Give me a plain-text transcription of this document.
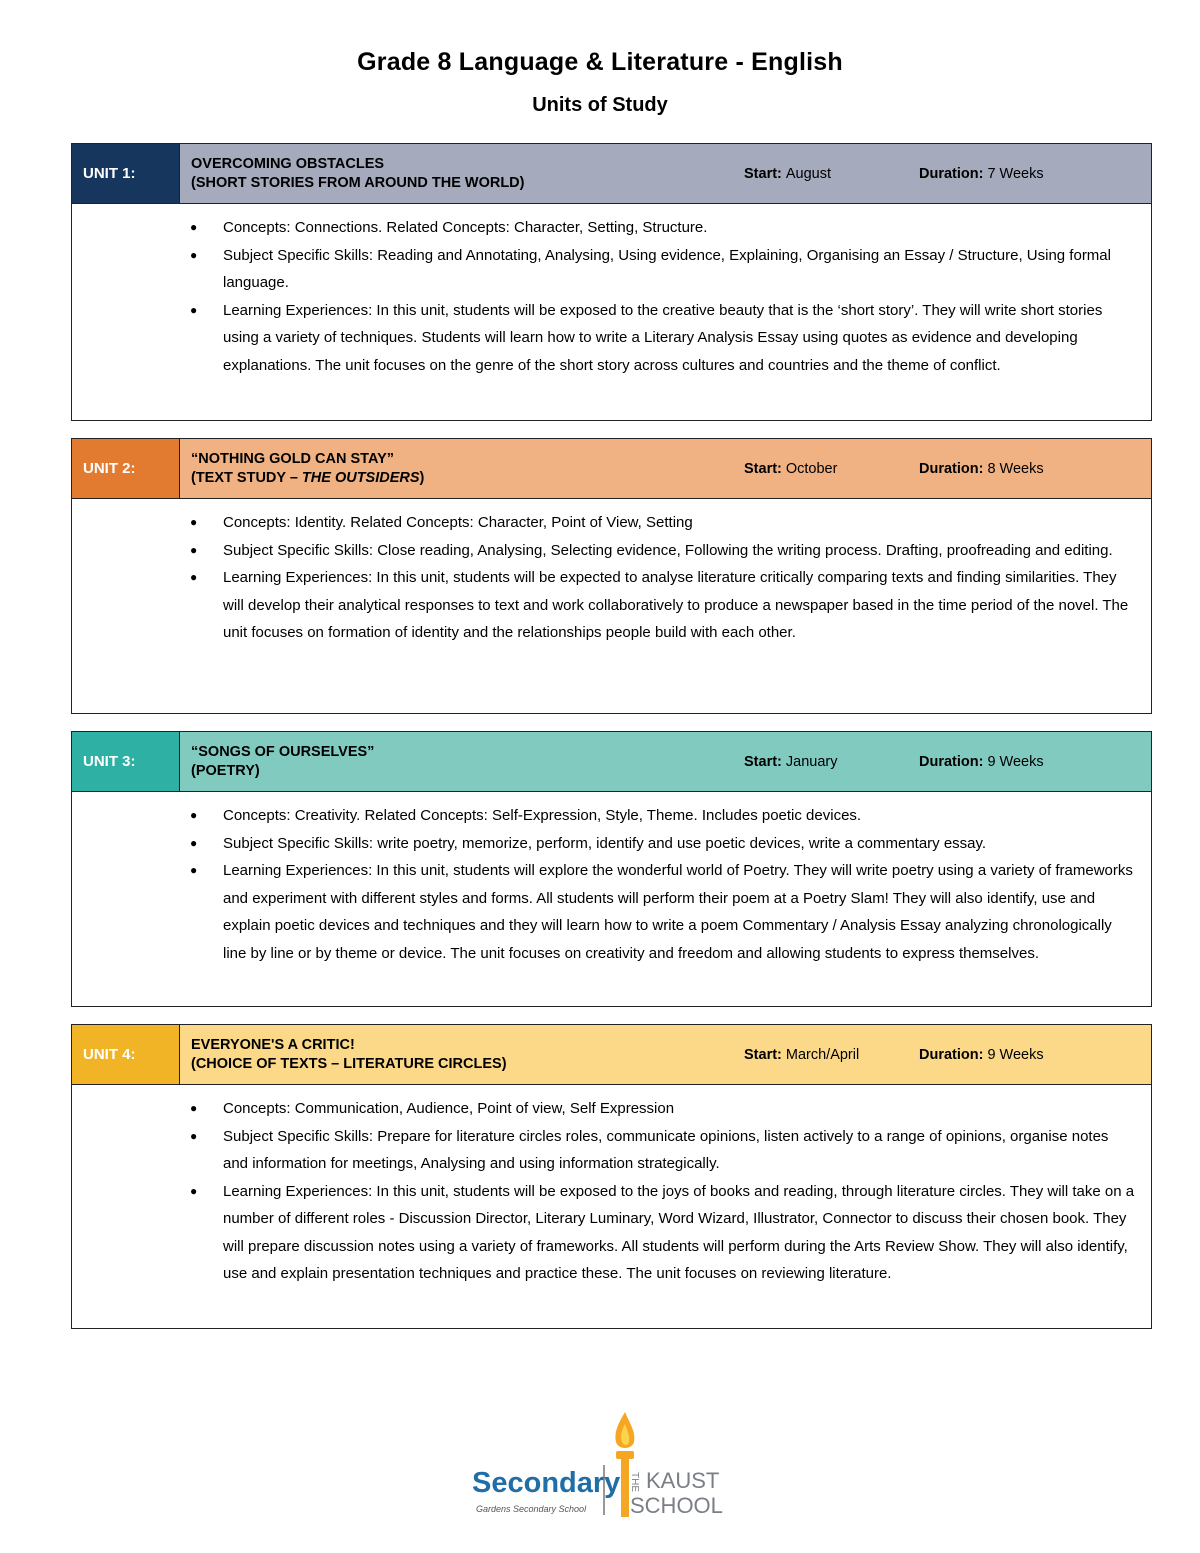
Grade 8 Language & Literature - English
Units of Study
UNIT 1:
OVERCOMING OBSTACLES
(SHORT STORIES FROM AROUND THE WORLD)
Start: August	Duration: 7 Weeks
● Concepts: Connections. Related Concepts: Character, Setting, Structure.
● Subject Specific Skills: Reading and Annotating, Analysing, Using evidence, Explaining, Organising an Essay / Structure, Using formal language.
● Learning Experiences: In this unit, students will be exposed to the creative beauty that is the ‘short story’. They will write short stories using a variety of techniques. Students will learn how to write a Literary Analysis Essay using quotes as evidence and developing explanations. The unit focuses on the genre of the short story across cultures and countries and the theme of conflict.
UNIT 2:
“NOTHING GOLD CAN STAY”
(TEXT STUDY – THE OUTSIDERS)
Start: October	Duration: 8 Weeks
● Concepts: Identity. Related Concepts: Character, Point of View, Setting
● Subject Specific Skills: Close reading, Analysing, Selecting evidence, Following the writing process. Drafting, proofreading and editing.
● Learning Experiences: In this unit, students will be expected to analyse literature critically comparing texts and finding similarities. They will develop their analytical responses to text and work collaboratively to produce a newspaper based in the time period of the novel. The unit focuses on formation of identity and the relationships people build with each other.
UNIT 3:
“SONGS OF OURSELVES”
(POETRY)
Start: January	Duration: 9 Weeks
● Concepts: Creativity. Related Concepts: Self-Expression, Style, Theme. Includes poetic devices.
● Subject Specific Skills: write poetry, memorize, perform, identify and use poetic devices, write a commentary essay.
● Learning Experiences: In this unit, students will explore the wonderful world of Poetry. They will write poetry using a variety of frameworks and experiment with different styles and forms. All students will perform their poem at a Poetry Slam! They will also identify, use and explain poetic devices and techniques and they will learn how to write a poem Commentary / Analysis Essay analyzing chronologically line by line or by theme or device. The unit focuses on creativity and freedom and allowing students to express themselves.
UNIT 4:
EVERYONE'S A CRITIC!
(CHOICE OF TEXTS – LITERATURE CIRCLES)
Start: March/April	Duration: 9 Weeks
● Concepts: Communication, Audience, Point of view, Self Expression
● Subject Specific Skills: Prepare for literature circles roles, communicate opinions, listen actively to a range of opinions, organise notes and information for meetings, Analysing and using information strategically.
● Learning Experiences: In this unit, students will be exposed to the joys of books and reading, through literature circles. They will take on a number of different roles - Discussion Director, Literary Luminary, Word Wizard, Illustrator, Connector to discuss their chosen book. They will prepare discussion notes using a variety of frameworks. All students will perform during the Arts Review Show. They will also identify, use and explain presentation techniques and practice these. The unit focuses on reviewing literature.
Secondary
Gardens Secondary School
THE KAUST
SCHOOL
